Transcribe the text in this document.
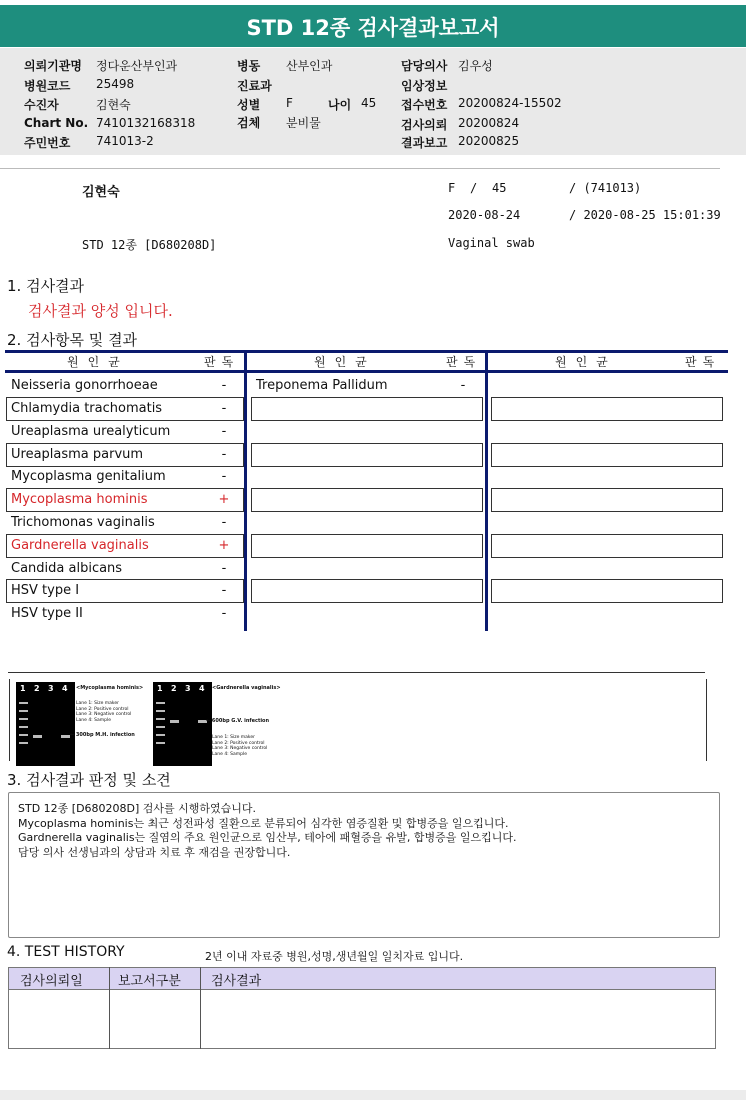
STD 12종 검사결과보고서
의뢰기관명 정다운산부인과
병원코드 25498
수진자	김현숙
Chart No. 7410132168318
주민번호 741013-2
병동 산부인과
진료과
성별 F	나이 45
검체 분비물
담당의사 김우성
임상정보
접수번호 20200824-15502
검사의뢰 20200824
결과보고 20200825
김현숙	F / 45	/ (741013)
2020-08-24	/ 2020-08-25 15:01:39
STD 12종 [D680208D]	Vaginal swab
1. 검사결과
검사결과 양성 입니다.
2. 검사항목 및 결과
원인균	판독	원인균	판독	원인균	판독
Neisseria gonorrhoeae	-
Chlamydia trachomatis	-
Ureaplasma urealyticum	-
Ureaplasma parvum	-
Mycoplasma genitalium	-
Mycoplasma hominis	+
Trichomonas vaginalis	-
Gardnerella vaginalis	+
Candida albicans	-
HSV type I	-
HSV type II	-
Treponema Pallidum	-
1 2 3 4 <Mycoplasma hominis>
Lane 1: Size maker
Lane 2: Positive control
Lane 3: Negative control
Lane 4: Sample
← 300bp M.H. infection
1 2 3 4 <Gardnerella vaginalis>
← 600bp G.V. infection
Lane 1: Size maker
Lane 2: Positive control
Lane 3: Negative control
Lane 4: Sample
3. 검사결과 판정 및 소견
STD 12종 [D680208D] 검사를 시행하였습니다.
Mycoplasma hominis는 최근 성전파성 질환으로 분류되어 심각한 염증질환 및 합병증을 일으킵니다.
Gardnerella vaginalis는 질염의 주요 원인균으로 임산부, 테아에 패혈증을 유발, 합병증을 일으킵니다.
담당 의사 선생님과의 상담과 치료 후 재검을 권장합니다.
4. TEST HISTORY	2년 이내 자료중 병원,성명,생년월일 일치자료 입니다.
검사의뢰일	보고서구분 검사결과
